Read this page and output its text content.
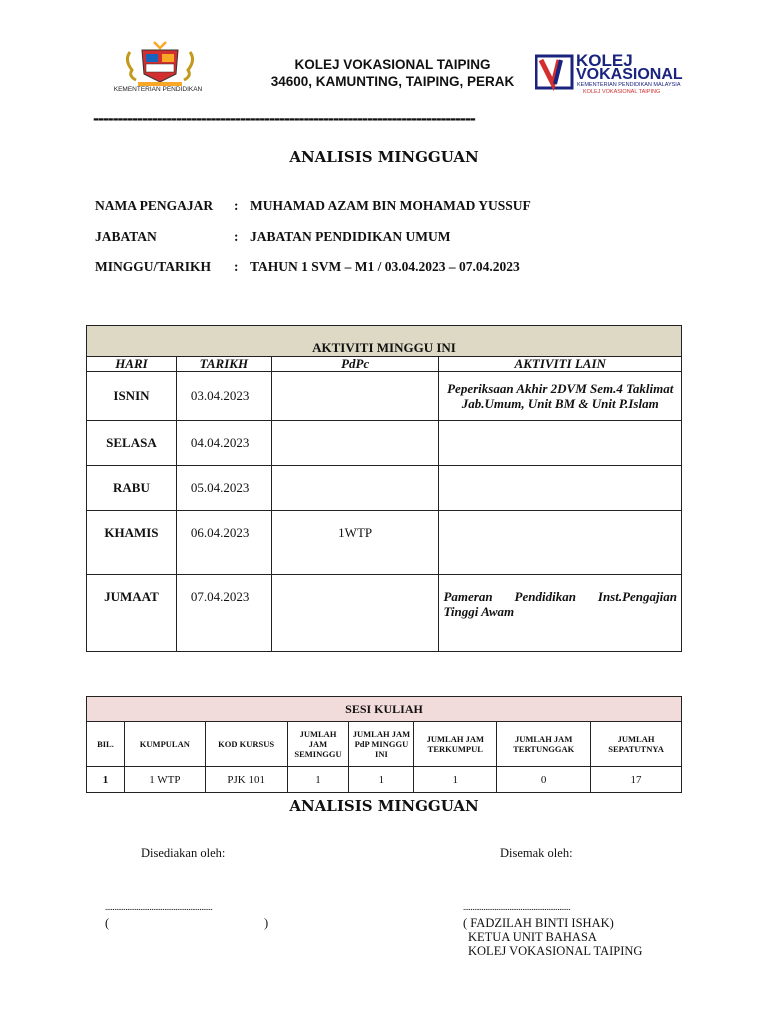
KEMENTERIAN PENDIDIKAN
KOLEJ VOKASIONAL TAIPING
34600, KAMUNTING, TAIPING, PERAK
KOLEJ
VOKASIONAL
KEMENTERIAN PENDIDIKAN MALAYSIA
KOLEJ VOKASIONAL TAIPING
------------------------------------------------------------------------------
ANALISIS MINGGUAN
NAMA PENGAJAR : MUHAMAD AZAM BIN MOHAMAD YUSSUF
JABATAN	: JABATAN PENDIDIKAN UMUM
MINGGU/TARIKH : TAHUN 1 SVM – M1 / 03.04.2023 – 07.04.2023
AKTIVITI MINGGU INI			
HARI	TARIKH	PdPc	AKTIVITI LAIN
ISNIN	03.04.2023		Peperiksaan Akhir 2DVM Sem.4 Taklimat Jab.Umum, Unit BM & Unit P.Islam
SELASA	04.04.2023		
RABU	05.04.2023		
KHAMIS	06.04.2023	1WTP	
JUMAAT	07.04.2023		Pameran Pendidikan Inst.Pengajian Tinggi Awam
SESI KULIAH							
BIL.	KUMPULAN	KOD KURSUS	JUMLAH JAM SEMINGGU	JUMLAH JAM PdP MINGGU INI	JUMLAH JAM TERKUMPUL	JUMLAH JAM TERTUNGGAK	JUMLAH SEPATUTNYA
1	1 WTP	PJK 101	1	1	1	0	17
ANALISIS MINGGUAN
Disediakan oleh:	Disemak oleh:
..........................................................
(	)
..........................................................
( FADZILAH BINTI ISHAK)
KETUA UNIT BAHASA
KOLEJ VOKASIONAL TAIPING
